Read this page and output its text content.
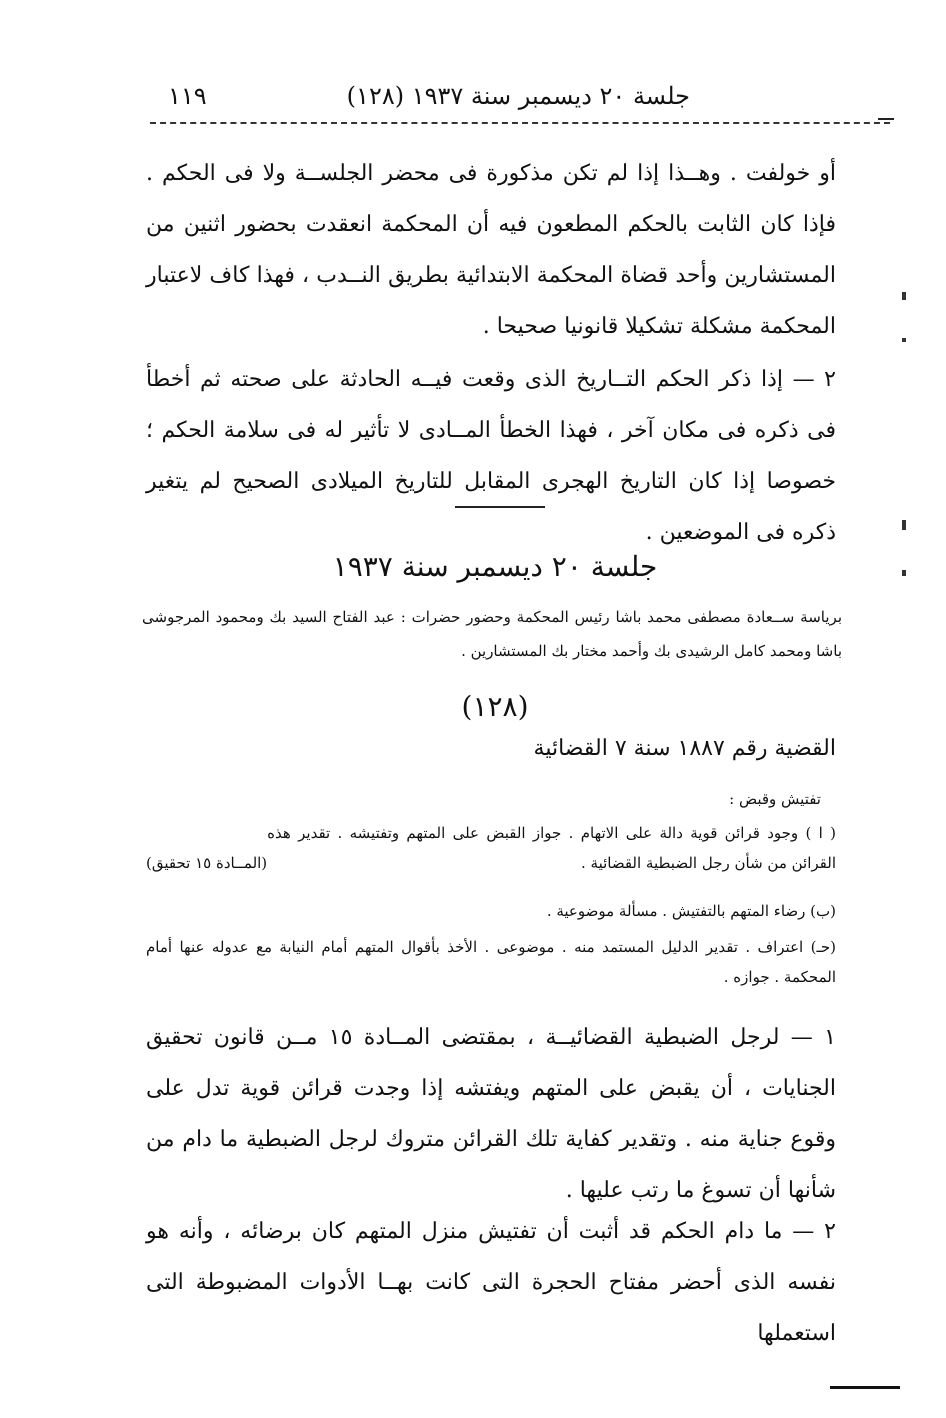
جلسة ٢٠ ديسمبر سنة ١٩٣٧ (١٢٨)
١١٩
أو خولفت . وهــذا إذا لم تكن مذكورة فى محضر الجلســة ولا فى الحكم . فإذا كان الثابت بالحكم المطعون فيه أن المحكمة انعقدت بحضور اثنين من المستشارين وأحد قضاة المحكمة الابتدائية بطريق النــدب ، فهذا كاف لاعتبار المحكمة مشكلة تشكيلا قانونيا صحيحا .
٢ — إذا ذكر الحكم التــاريخ الذى وقعت فيــه الحادثة على صحته ثم أخطأ فى ذكره فى مكان آخر ، فهذا الخطأ المــادى لا تأثير له فى سلامة الحكم ؛ خصوصا إذا كان التاريخ الهجرى المقابل للتاريخ الميلادى الصحيح لم يتغير ذكره فى الموضعين .
جلسة ٢٠ ديسمبر سنة ١٩٣٧
برياسة ســعادة مصطفى محمد باشا رئيس المحكمة وحضور حضرات : عبد الفتاح السيد بك ومحمود المرجوشى باشا ومحمد كامل الرشيدى بك وأحمد مختار بك المستشارين .
(١٢٨)
القضية رقم ١٨٨٧ سنة ٧ القضائية
تفتيش وقبض :
(المــادة ١٥ تحقيق)
( ا ) وجود قرائن قوية دالة على الاتهام . جواز القبض على المتهم وتفتيشه . تقدير هذه القرائن من شأن رجل الضبطية القضائية .
(ب) رضاء المتهم بالتفتيش . مسألة موضوعية .
(حـ) اعتراف . تقدير الدليل المستمد منه . موضوعى . الأخذ بأقوال المتهم أمام النيابة مع عدوله عنها أمام المحكمة . جوازه .
١ — لرجل الضبطية القضائيــة ، بمقتضى المــادة ١٥ مــن قانون تحقيق الجنايات ، أن يقبض على المتهم ويفتشه إذا وجدت قرائن قوية تدل على وقوع جناية منه . وتقدير كفاية تلك القرائن متروك لرجل الضبطية ما دام من شأنها أن تسوغ ما رتب عليها .
٢ — ما دام الحكم قد أثبت أن تفتيش منزل المتهم كان برضائه ، وأنه هو نفسه الذى أحضر مفتاح الحجرة التى كانت بهــا الأدوات المضبوطة التى استعملها
